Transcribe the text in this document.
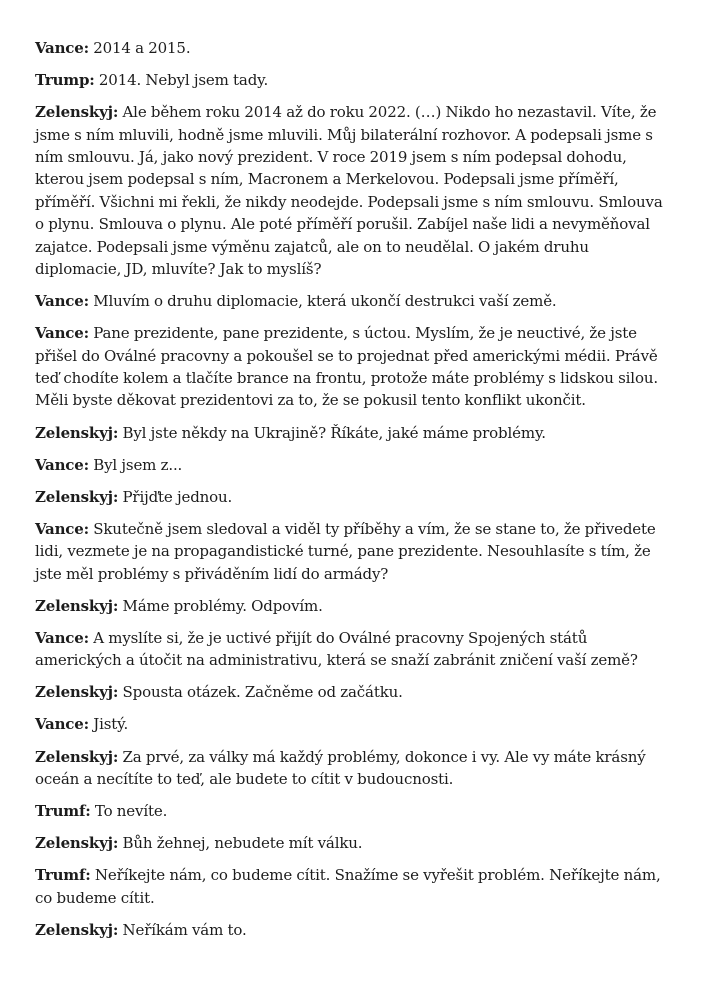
Vance: 2014 a 2015.

Trump: 2014. Nebyl jsem tady.

Zelenskyj: Ale během roku 2014 až do roku 2022. (…) Nikdo ho nezastavil. Víte, že jsme s ním mluvili, hodně jsme mluvili. Můj bilaterální rozhovor. A podepsali jsme s ním smlouvu. Já, jako nový prezident. V roce 2019 jsem s ním podepsal dohodu, kterou jsem podepsal s ním, Macronem a Merkelovou. Podepsali jsme příměří, příměří. Všichni mi řekli, že nikdy neodejde. Podepsali jsme s ním smlouvu. Smlouva o plynu. Smlouva o plynu. Ale poté příměří porušil. Zabíjel naše lidi a nevyměňoval zajatce. Podepsali jsme výměnu zajatců, ale on to neudělal. O jakém druhu diplomacie, JD, mluvíte? Jak to myslíš?

Vance: Mluvím o druhu diplomacie, která ukončí destrukci vaší země.

Vance: Pane prezidente, pane prezidente, s úctou. Myslím, že je neuctivé, že jste přišel do Oválné pracovny a pokoušel se to projednat před americkými médii. Právě teď chodíte kolem a tlačíte brance na frontu, protože máte problémy s lidskou silou. Měli byste děkovat prezidentovi za to, že se pokusil tento konflikt ukončit.

Zelenskyj: Byl jste někdy na Ukrajině? Říkáte, jaké máme problémy.

Vance: Byl jsem z...

Zelenskyj: Přijďte jednou.

Vance: Skutečně jsem sledoval a viděl ty příběhy a vím, že se stane to, že přivedete lidi, vezmete je na propagandistické turné, pane prezidente. Nesouhlasíte s tím, že jste měl problémy s přiváděním lidí do armády?

Zelenskyj: Máme problémy. Odpovím.

Vance: A myslíte si, že je uctivé přijít do Oválné pracovny Spojených států amerických a útočit na administrativu, která se snaží zabránit zničení vaší země?

Zelenskyj: Spousta otázek. Začněme od začátku.

Vance: Jistý.

Zelenskyj: Za prvé, za války má každý problémy, dokonce i vy. Ale vy máte krásný oceán a necítíte to teď, ale budete to cítit v budoucnosti.

Trumf: To nevíte.

Zelenskyj: Bůh žehnej, nebudete mít válku.

Trumf: Neříkejte nám, co budeme cítit. Snažíme se vyřešit problém. Neříkejte nám, co budeme cítit.

Zelenskyj: Neříkám vám to.
